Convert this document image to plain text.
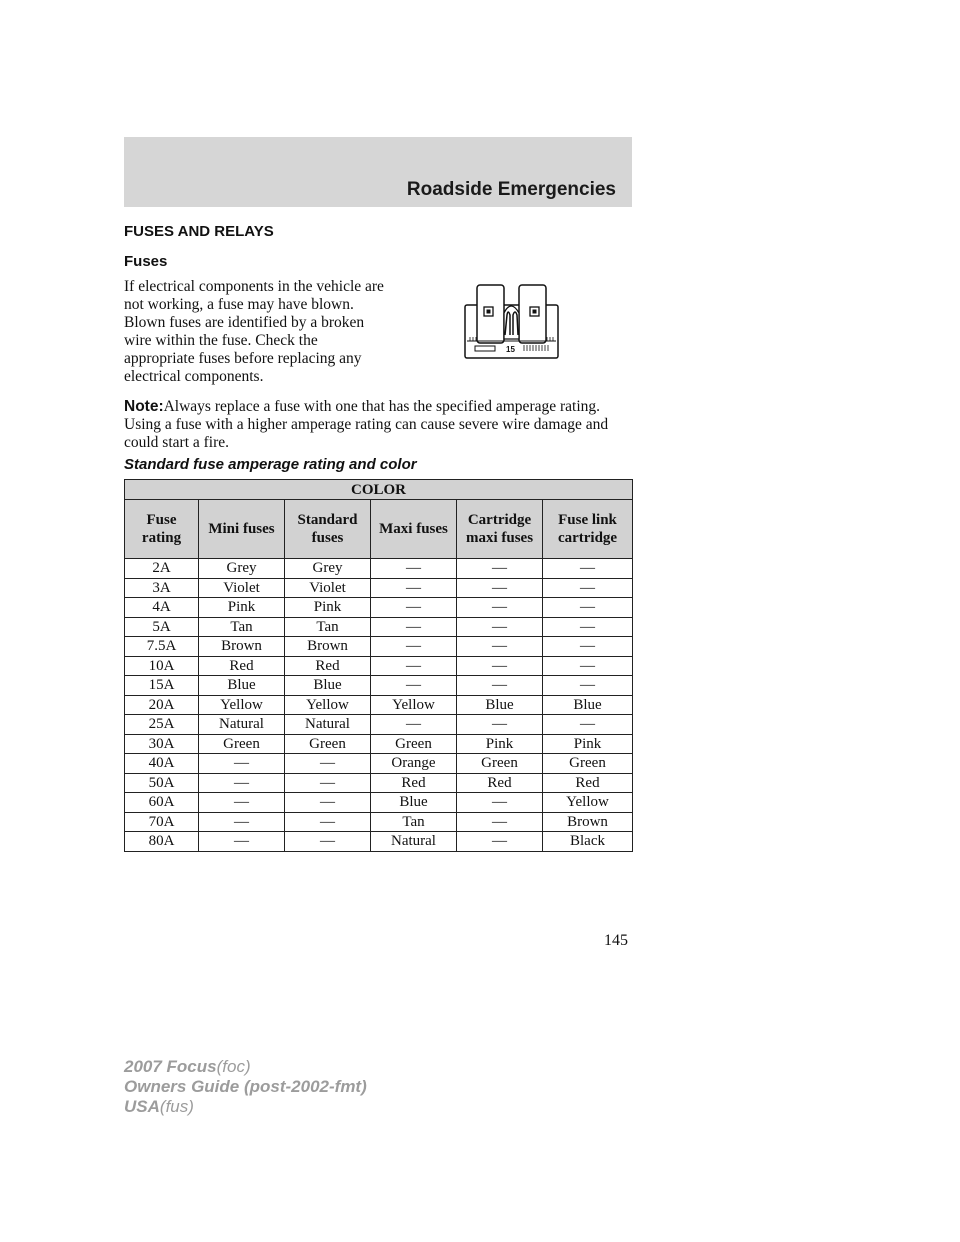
Roadside Emergencies
FUSES AND RELAYS
Fuses

If electrical components in the vehicle are not working, a fuse may have blown. Blown fuses are identified by a broken wire within the fuse. Check the appropriate fuses before replacing any electrical components.

15

Note:Always replace a fuse with one that has the specified amperage rating. Using a fuse with a higher amperage rating can cause severe wire damage and could start a fire.

Standard fuse amperage rating and color
COLOR					
Fuse rating	Mini fuses	Standard fuses	Maxi fuses	Cartridge maxi fuses	Fuse link cartridge
2A	Grey	Grey	—	—	—
3A	Violet	Violet	—	—	—
4A	Pink	Pink	—	—	—
5A	Tan	Tan	—	—	—
7.5A	Brown	Brown	—	—	—
10A	Red	Red	—	—	—
15A	Blue	Blue	—	—	—
20A	Yellow	Yellow	Yellow	Blue	Blue
25A	Natural	Natural	—	—	—
30A	Green	Green	Green	Pink	Pink
40A	—	—	Orange	Green	Green
50A	—	—	Red	Red	Red
60A	—	—	Blue	—	Yellow
70A	—	—	Tan	—	Brown
80A	—	—	Natural	—	Black
145
2007 Focus(foc)
Owners Guide (post-2002-fmt)
USA(fus)
